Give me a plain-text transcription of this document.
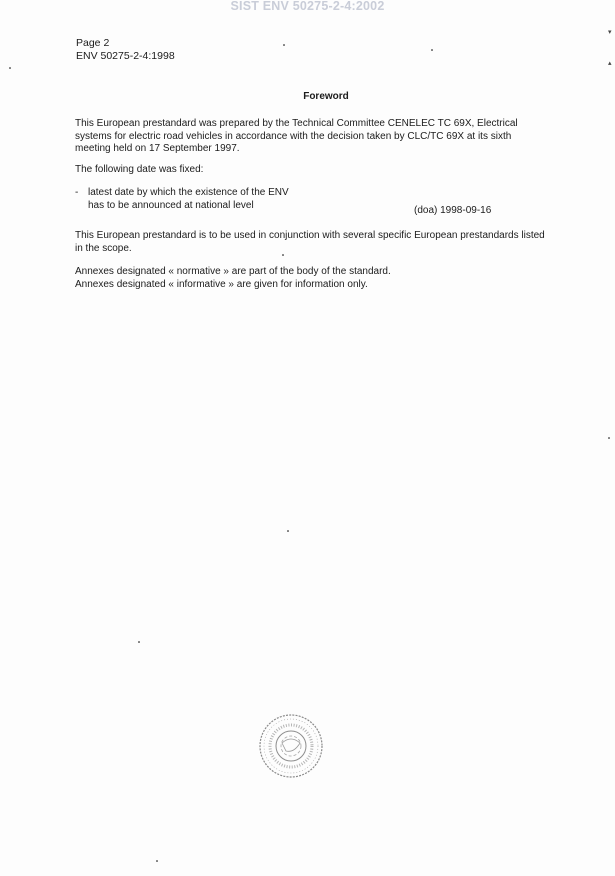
SIST ENV 50275-2-4:2002
Page 2
ENV 50275-2-4:1998
Foreword
This European prestandard was prepared by the Technical Committee CENELEC TC 69X, Electrical systems for electric road vehicles in accordance with the decision taken by CLC/TC 69X at its sixth meeting held on 17 September 1997.
The following date was fixed:
- latest date by which the existence of the ENV
has to be announced at national level	(doa) 1998-09-16
This European prestandard is to be used in conjunction with several specific European prestandards listed in the scope.
Annexes designated « normative » are part of the body of the standard.
Annexes designated « informative » are given for information only.
▾
▴
